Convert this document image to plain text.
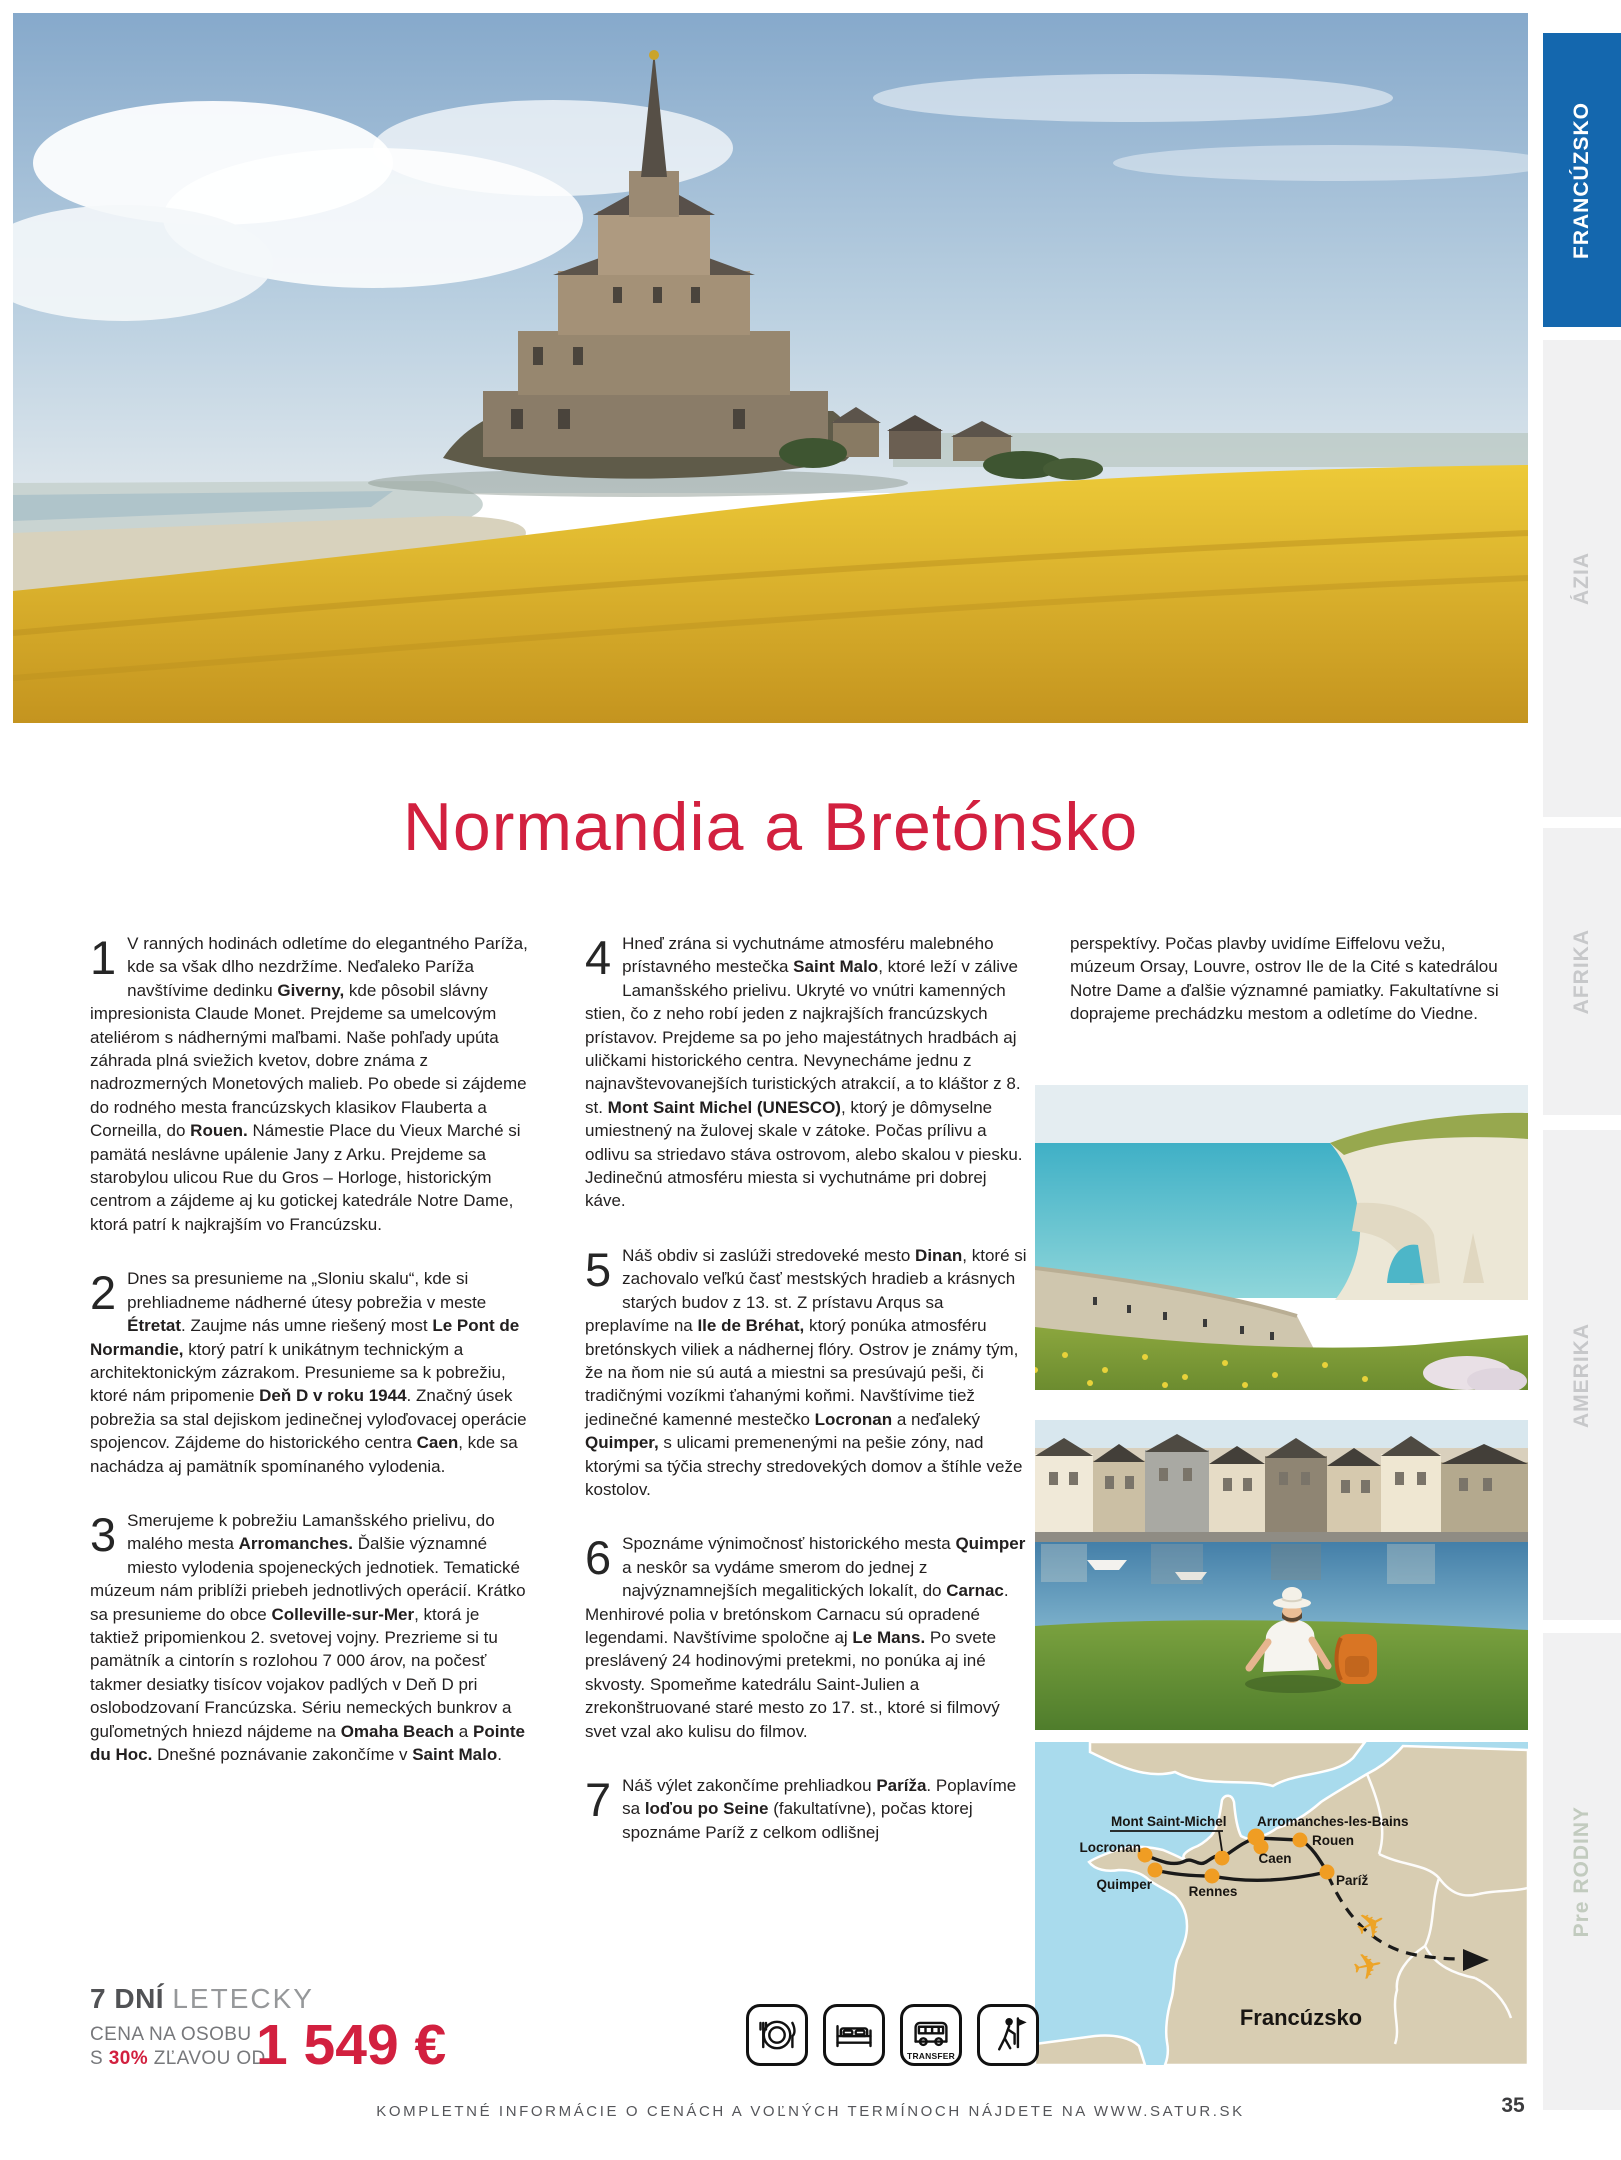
Normandia a Bretónsko

1 V ranných hodinách odletíme do elegantného Paríža, kde sa však dlho nezdržíme. Neďaleko Paríža navštívime dedinku Giverny, kde pôsobil slávny impresionista Claude Monet. Prejdeme sa umelcovým ateliérom s nádhernými maľbami. Naše pohľady upúta záhrada plná sviežich kvetov, dobre známa z nadrozmerných Monetových malieb. Po obede si zájdeme do rodného mesta francúzskych klasikov Flauberta a Corneilla, do Rouen. Námestie Place du Vieux Marché si pamätá neslávne upálenie Jany z Arku. Prejdeme sa starobylou ulicou Rue du Gros – Horloge, historickým centrom a zájdeme aj ku gotickej katedrále Notre Dame, ktorá patrí k najkrajším vo Francúzsku.

2 Dnes sa presunieme na „Sloniu skalu“, kde si prehliadneme nádherné útesy pobrežia v meste Étretat. Zaujme nás umne riešený most Le Pont de Normandie, ktorý patrí k unikátnym technickým a architektonickým zázrakom. Presunieme sa k pobrežiu, ktoré nám pripomenie Deň D v roku 1944. Značný úsek pobrežia sa stal dejiskom jedinečnej vyloďovacej operácie spojencov. Zájdeme do historického centra Caen, kde sa nachádza aj pamätník spomínaného vylodenia.

3 Smerujeme k pobrežiu Lamanšského prielivu, do malého mesta Arromanches. Ďalšie významné miesto vylodenia spojeneckých jednotiek. Tematické múzeum nám priblíži priebeh jednotlivých operácií. Krátko sa presunieme do obce Colleville-sur-Mer, ktorá je taktiež pripomienkou 2. svetovej vojny. Prezrieme si tu pamätník a cintorín s rozlohou 7 000 árov, na počesť takmer desiatky tisícov vojakov padlých v Deň D pri oslobodzovaní Francúzska. Sériu nemeckých bunkrov a guľometných hniezd nájdeme na Omaha Beach a Pointe du Hoc. Dnešné poznávanie zakončíme v Saint Malo.

4 Hneď zrána si vychutnáme atmosféru malebného prístavného mestečka Saint Malo, ktoré leží v zálive Lamanšského prielivu. Ukryté vo vnútri kamenných stien, čo z neho robí jeden z najkrajších francúzskych prístavov. Prejdeme sa po jeho majestátnych hradbách aj uličkami historického centra. Nevynecháme jednu z najnavštevovanejších turistických atrakcií, a to kláštor z 8. st. Mont Saint Michel (UNESCO), ktorý je dômyselne umiestnený na žulovej skale v zátoke. Počas prílivu a odlivu sa striedavo stáva ostrovom, alebo skalou v piesku. Jedinečnú atmosféru miesta si vychutnáme pri dobrej káve.

5 Náš obdiv si zaslúži stredoveké mesto Dinan, ktoré si zachovalo veľkú časť mestských hradieb a krásnych starých budov z 13. st. Z prístavu Arqus sa preplavíme na Ile de Bréhat, ktorý ponúka atmosféru bretónskych viliek a nádhernej flóry. Ostrov je známy tým, že na ňom nie sú autá a miestni sa presúvajú peši, či tradičnými vozíkmi ťahanými koňmi. Navštívime tiež jedinečné kamenné mestečko Locronan a neďaleký Quimper, s ulicami premenenými na pešie zóny, nad ktorými sa týčia strechy stredovekých domov a štíhle veže kostolov.

6 Spoznáme výnimočnosť historického mesta Quimper a neskôr sa vydáme smerom do jednej z najvýznamnejších megalitických lokalít, do Carnac. Menhirové polia v bretónskom Carnacu sú opradené legendami. Navštívime spoločne aj Le Mans. Po svete preslávený 24 hodinovými pretekmi, no ponúka aj iné skvosty. Spomeňme katedrálu Saint-Julien a zrekonštruované staré mesto zo 17. st., ktoré si filmový svet vzal ako kulisu do filmov.

7 Náš výlet zakončíme prehliadkou Paríža. Poplavíme sa loďou po Seine (fakultatívne), počas ktorej spoznáme Paríž z celkom odlišnej

perspektívy. Počas plavby uvidíme Eiffelovu vežu, múzeum Orsay, Louvre, ostrov Ile de la Cité s katedrálou Notre Dame a ďalšie významné pamiatky. Fakultatívne si doprajeme prechádzku mestom a odletíme do Viedne.

✈
✈
Mont Saint-Michel
Locronan
Quimper	Rennes
Caen
Arromanches-les-Bains
Rouen
Paríž
Francúzsko
FRANCÚZSKO
ÁZIA
AFRIKA
AMERIKA
Pre RODINY
7 DNÍ LETECKY
CENA NA OSOBU
S 30% ZĽAVOU OD
1 549 €	TRANSFER
KOMPLETNÉ INFORMÁCIE O CENÁCH A VOĽNÝCH TERMÍNOCH NÁJDETE NA WWW.SATUR.SK	35
